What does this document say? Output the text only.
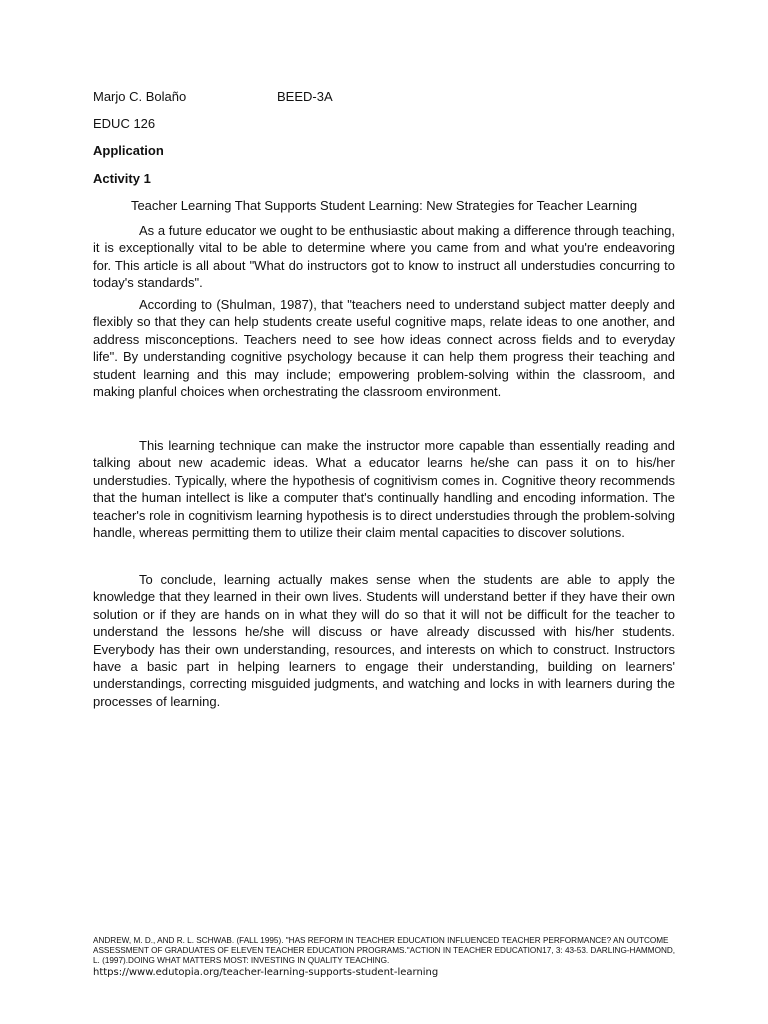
Marjo C. Bolaño	BEED-3A
EDUC 126
Application
Activity 1
Teacher Learning That Supports Student Learning: New Strategies for Teacher Learning

As a future educator we ought to be enthusiastic about making a difference through teaching, it is exceptionally vital to be able to determine where you came from and what you're endeavoring for. This article is all about "What do instructors got to know to instruct all understudies concurring to today's standards".

According to (Shulman, 1987), that "teachers need to understand subject matter deeply and flexibly so that they can help students create useful cognitive maps, relate ideas to one another, and address misconceptions. Teachers need to see how ideas connect across fields and to everyday life". By understanding cognitive psychology because it can help them progress their teaching and student learning and this may include; empowering problem-solving within the classroom, and making planful choices when orchestrating the classroom environment.

This learning technique can make the instructor more capable than essentially reading and talking about new academic ideas. What a educator learns he/she can pass it on to his/her understudies. Typically, where the hypothesis of cognitivism comes in. Cognitive theory recommends that the human intellect is like a computer that's continually handling and encoding information. The teacher's role in cognitivism learning hypothesis is to direct understudies through the problem-solving handle, whereas permitting them to utilize their claim mental capacities to discover solutions.

To conclude, learning actually makes sense when the students are able to apply the knowledge that they learned in their own lives. Students will understand better if they have their own solution or if they are hands on in what they will do so that it will not be difficult for the teacher to understand the lessons he/she will discuss or have already discussed with his/her students. Everybody has their own understanding, resources, and interests on which to construct. Instructors have a basic part in helping learners to engage their understanding, building on learners' understandings, correcting misguided judgments, and watching and locks in with learners during the processes of learning.

ANDREW, M. D., AND R. L. SCHWAB. (FALL 1995). "HAS REFORM IN TEACHER EDUCATION INFLUENCED TEACHER PERFORMANCE? AN OUTCOME ASSESSMENT OF GRADUATES OF ELEVEN TEACHER EDUCATION PROGRAMS."ACTION IN TEACHER EDUCATION17, 3: 43-53. DARLING-HAMMOND, L. (1997).DOING WHAT MATTERS MOST: INVESTING IN QUALITY TEACHING.

https://www.edutopia.org/teacher-learning-supports-student-learning
